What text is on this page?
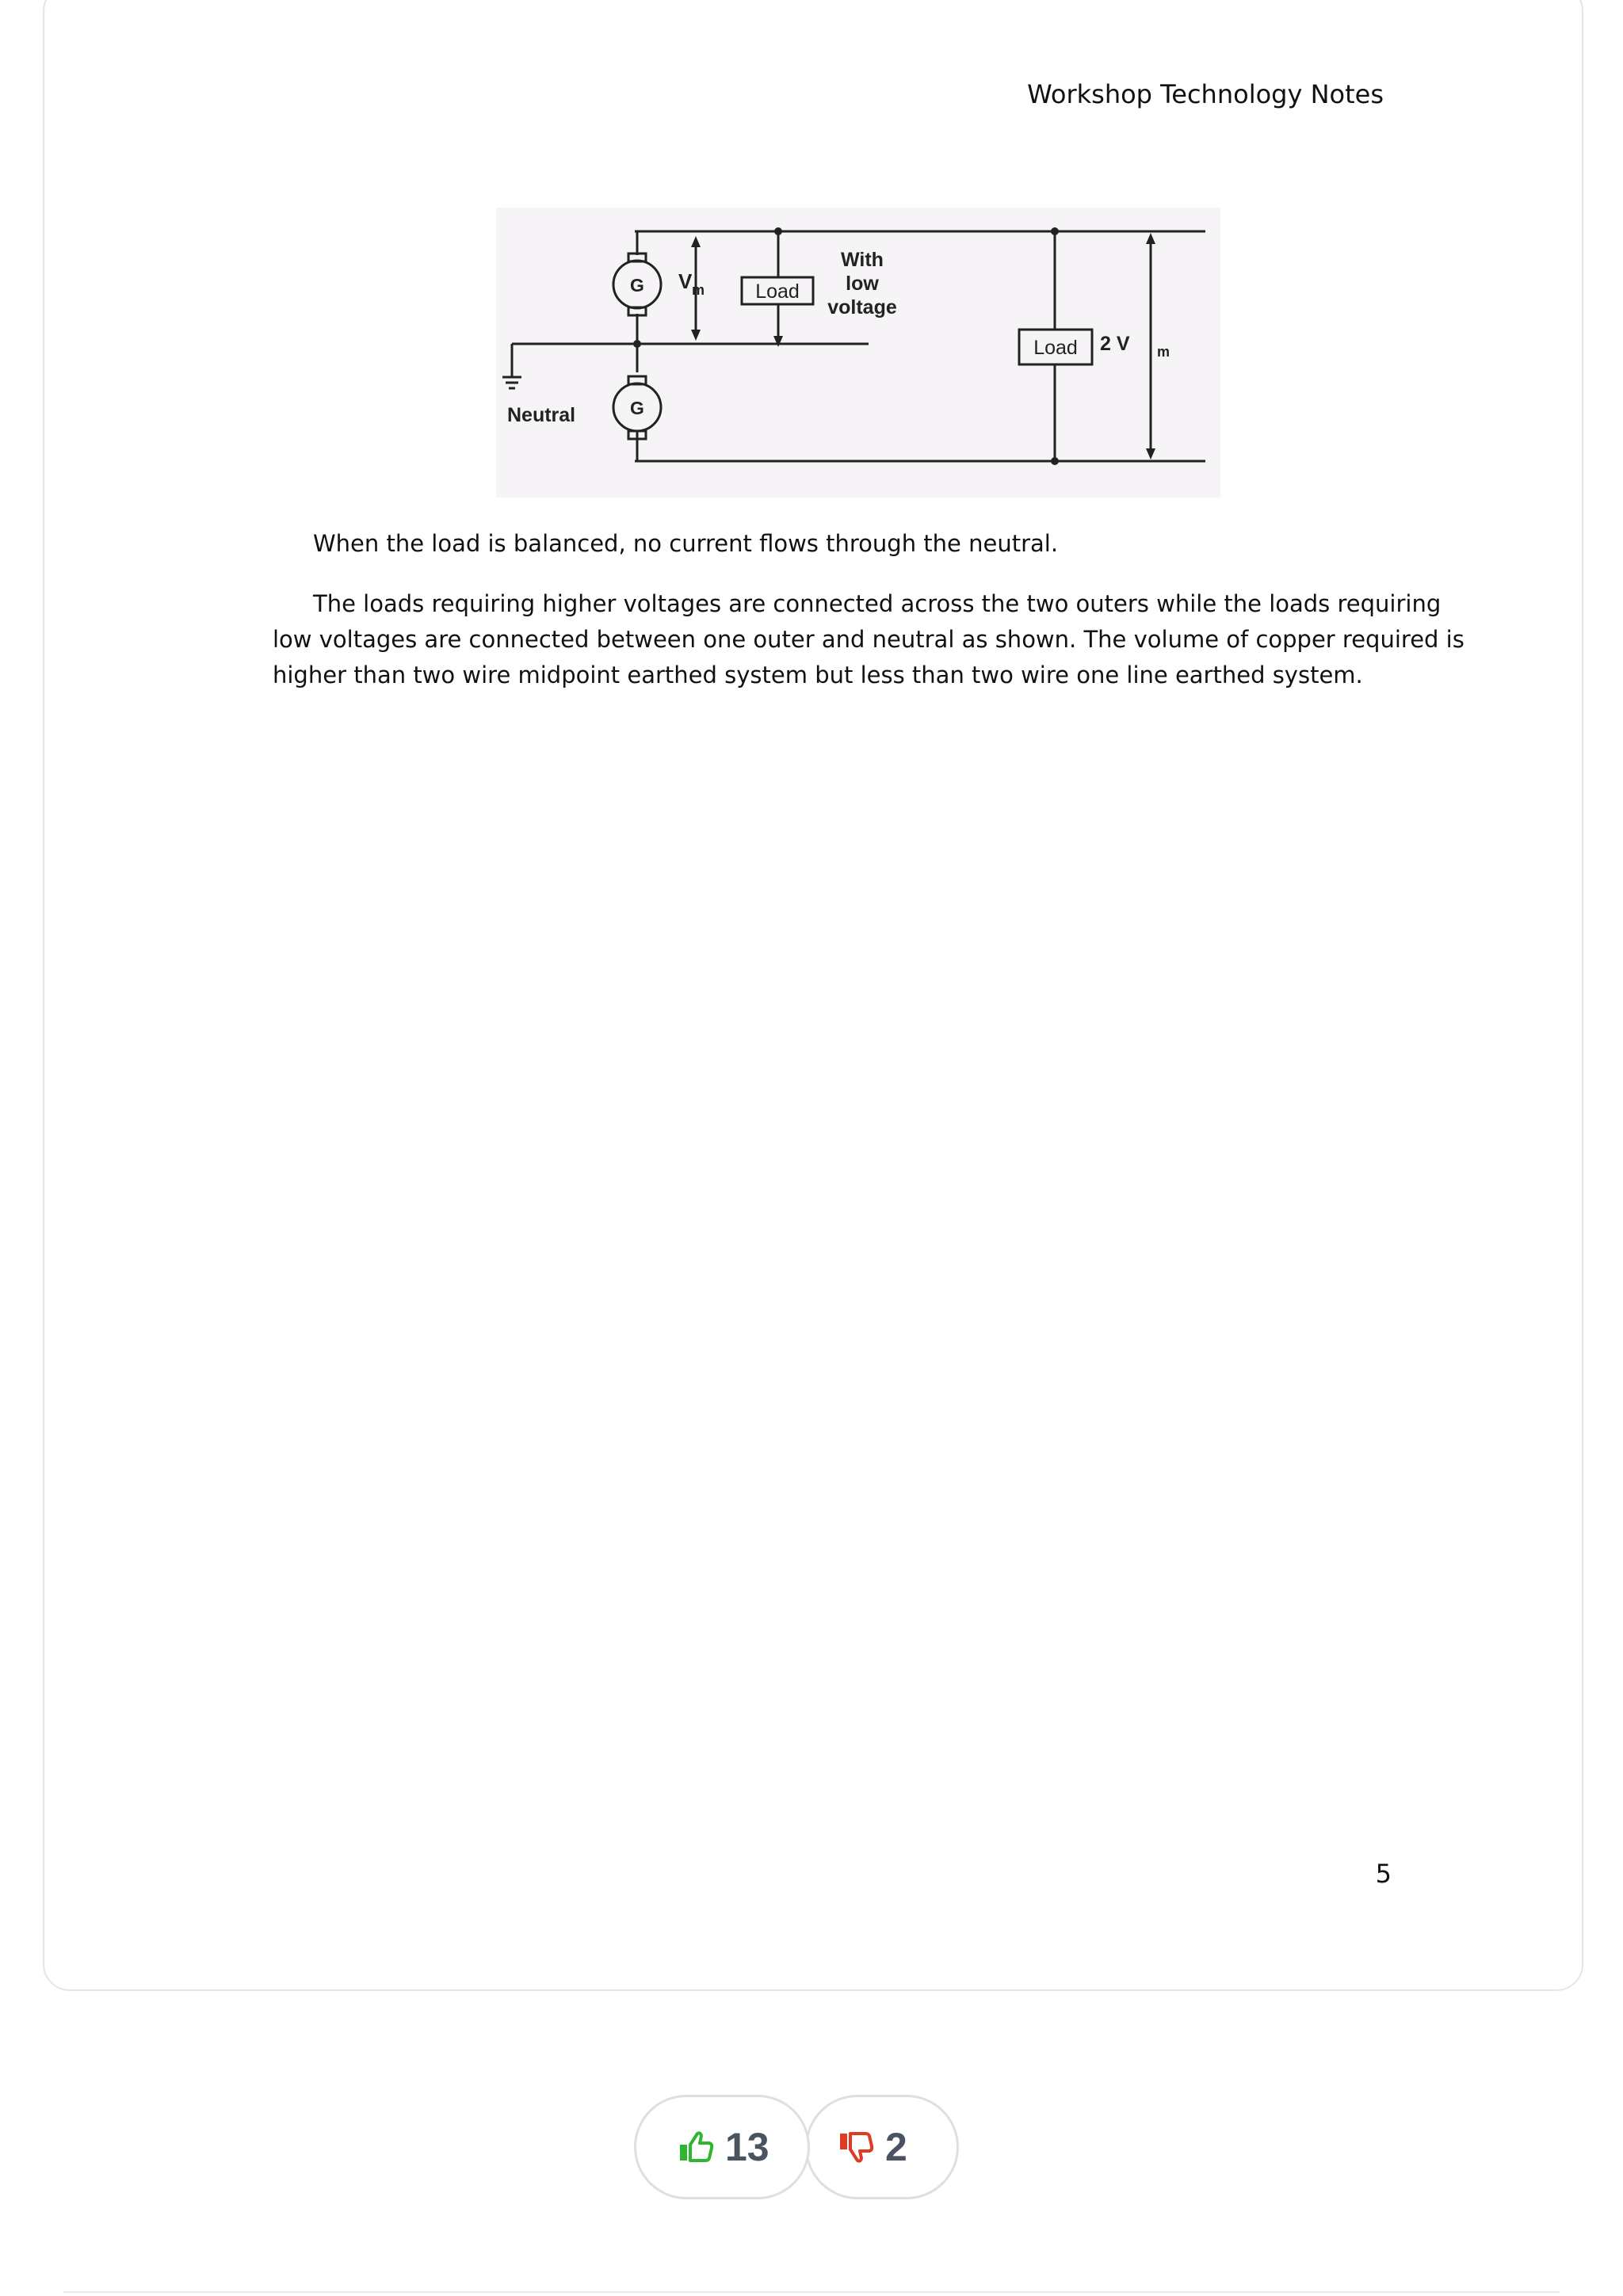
Workshop Technology Notes
G
G
V m	Load
With
low
voltage
Load 2 V m
Neutral
When the load is balanced, no current flows through the neutral.
The loads requiring higher voltages are connected across the two outers while the loads requiring low voltages are connected between one outer and neutral as shown. The volume of copper required is higher than two wire midpoint earthed system but less than two wire one line earthed system.
5
13	2
